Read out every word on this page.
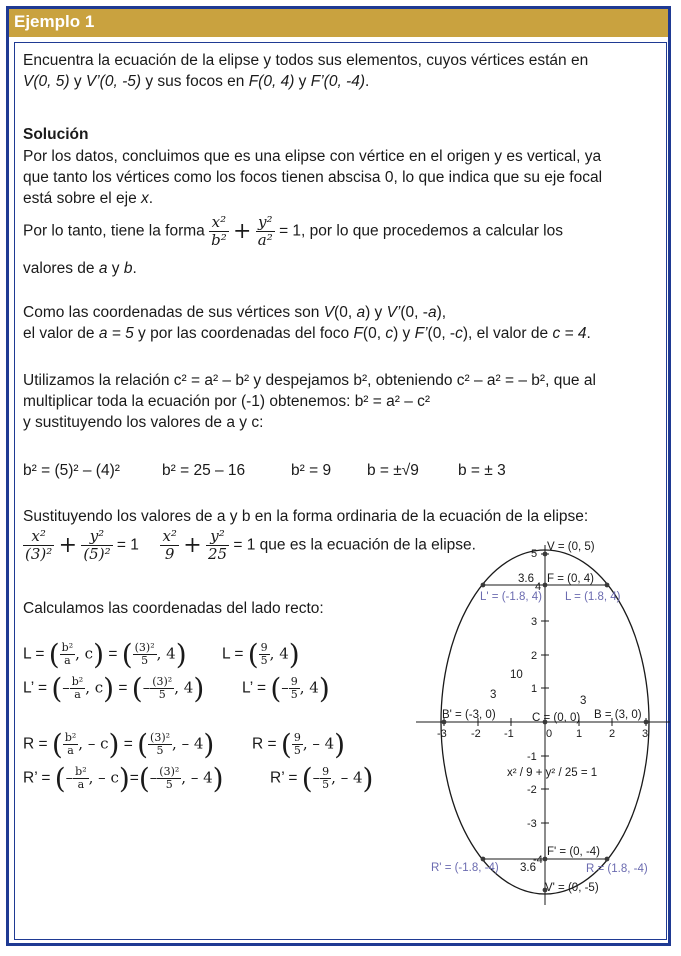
Ejemplo 1
Encuentra la ecuación de la elipse y todos sus elementos, cuyos vértices están en
V(0, 5) y V’(0, -5) y sus focos en F(0, 4) y F’(0, -4).
Solución
Por los datos, concluimos que es una elipse con vértice en el origen y es vertical, ya
que tanto los vértices como los focos tienen abscisa 0, lo que indica que su eje focal
está sobre el eje x.
Por lo tanto, tiene la forma $\frac{\text{x²}}{\text{b²}} + \frac{\text{y²}}{\text{a²}} = 1$, por lo que procedemos a calcular los
valores de a y b.
Como las coordenadas de sus vértices son V(0, a) y V’(0, -a),
el valor de a = 5 y por las coordenadas del foco F(0, c) y F’(0, -c), el valor de c = 4.
Utilizamos la relación c² = a² – b² y despejamos b², obteniendo c² – a² = – b², que al
multiplicar toda la ecuación por (-1) obtenemos: b² = a² – c²
y sustituyendo los valores de a y c:
b² = (5)² – (4)²	b² = 25 – 16	b² = 9 b = ±√9	b = ± 3
Sustituyendo los valores de a y b en la forma ordinaria de la ecuación de la elipse:
$\frac{\text{x²}}{\text{(3)²}} + \frac{\text{y²}}{\text{(5)²}} = 1 \frac{\text{x²}}{9} + \frac{\text{y²}}{25} = 1$ que es la ecuación de la elipse.
Calculamos las coordenadas del lado recto:
L = ( $\frac{\text{b²}}{a}$ , c) = ( $\frac{\text{(3)²}}{5}$ , 4) L = ( $\frac{9}{5}$ , 4)
L’ = (– $\frac{\text{b²}}{a}$ , c) = (– $\frac{\text{(3)²}}{5}$ , 4) L’ = (– $\frac{9}{5}$ , 4)
R = ( $\frac{\text{b²}}{a}$ , – c) = ( $\frac{\text{(3)²}}{5}$ , – 4) R = ( $\frac{9}{5}$ , – 4)
R’ = (– $\frac{\text{b²}}{a}$ , – $c)=(- \frac{\text{(3)²}}{5}$ , – 4)	R’ = (– $\frac{9}{5}$ , – 4)
-3 -2 -1	0 1 2 3
5
4
3
2
1
-1
-2
-3
-4
V = (0, 5)
F = (0, 4)
3.6
L' = (-1.8, 4) L = (1.8, 4)
10
3	3
B' = (-3, 0)	C = (0, 0) B = (3, 0)
x² / 9 + y² / 25 = 1
F' = (0, -4)
3.6
R' = (-1.8, -4)	R = (1.8, -4)
V' = (0, -5)
